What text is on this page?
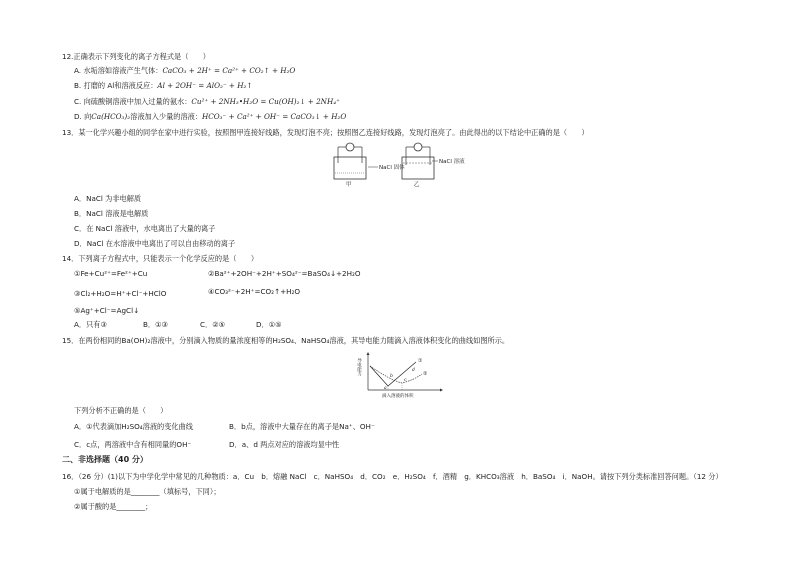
12.正确表示下列变化的离子方程式是（　　）
A. 水垢溶如溶液产生气体：CaCO₃ + 2H⁺ = Ca²⁺ + CO₂↑ + H₂O
B. 打磨的 Al和溶液反应：Al + 2OH⁻ = AlO₂⁻ + H₂↑
C. 向硫酸铜溶液中加入过量的氨水：Cu²⁺ + 2NH₃•H₂O = Cu(OH)₂↓ + 2NH₄⁺
D. 向Ca(HCO₃)₂溶液加入少量的溶液：HCO₃⁻ + Ca²⁺ + OH⁻ = CaCO₃↓ + H₂O
13．某一化学兴趣小组的同学在家中进行实验，按照图甲连接好线路，发现灯泡不亮；按照图乙连接好线路，发现灯泡亮了。由此得出的以下结论中正确的是（　　）
NaCl 固体
甲
NaCl 溶液
乙
A．NaCl 为非电解质
B．NaCl 溶液是电解质
C．在 NaCl 溶液中，水电离出了大量的离子
D．NaCl 在水溶液中电离出了可以自由移动的离子
14．下列离子方程式中，只能表示一个化学反应的是（　　）
①Fe+Cu²⁺=Fe²⁺+Cu	②Ba²⁺+2OH⁻+2H⁺+SO₄²⁻=BaSO₄↓+2H₂O
③Cl₂+H₂O=H⁺+Cl⁻+HClO	④CO₃²⁻+2H⁺=CO₂↑+H₂O
⑤Ag⁺+Cl⁻=AgCl↓
A．只有③	B．①③	C．②⑤	D．①⑤
15．在两份相同的Ba(OH)₂溶液中，分别滴入物质的量浓度相等的H₂SO₄、NaHSO₄溶液，其导电能力随滴入溶液体积变化的曲线如图所示。
导电能力	①
②
a
b
c
d
滴入溶液的体积
下列分析不正确的是（　　）
A．①代表滴加H₂SO₄溶液的变化曲线	B．b点，溶液中大量存在的离子是Na⁺、OH⁻
C．c点，两溶液中含有相同量的OH⁻	D．a、d 两点对应的溶液均显中性
二、非选择题（40 分）
16．（26 分）(1)以下为中学化学中常见的几种物质：a．Cu　b．熔融 NaCl　c．NaHSO₄　d．CO₂　e．H₂SO₄　f．酒精　g．KHCO₃溶液　h．BaSO₄　i．NaOH。请按下列分类标准回答问题。（12 分）
①属于电解质的是________（填标号，下同）；
②属于酸的是________；
